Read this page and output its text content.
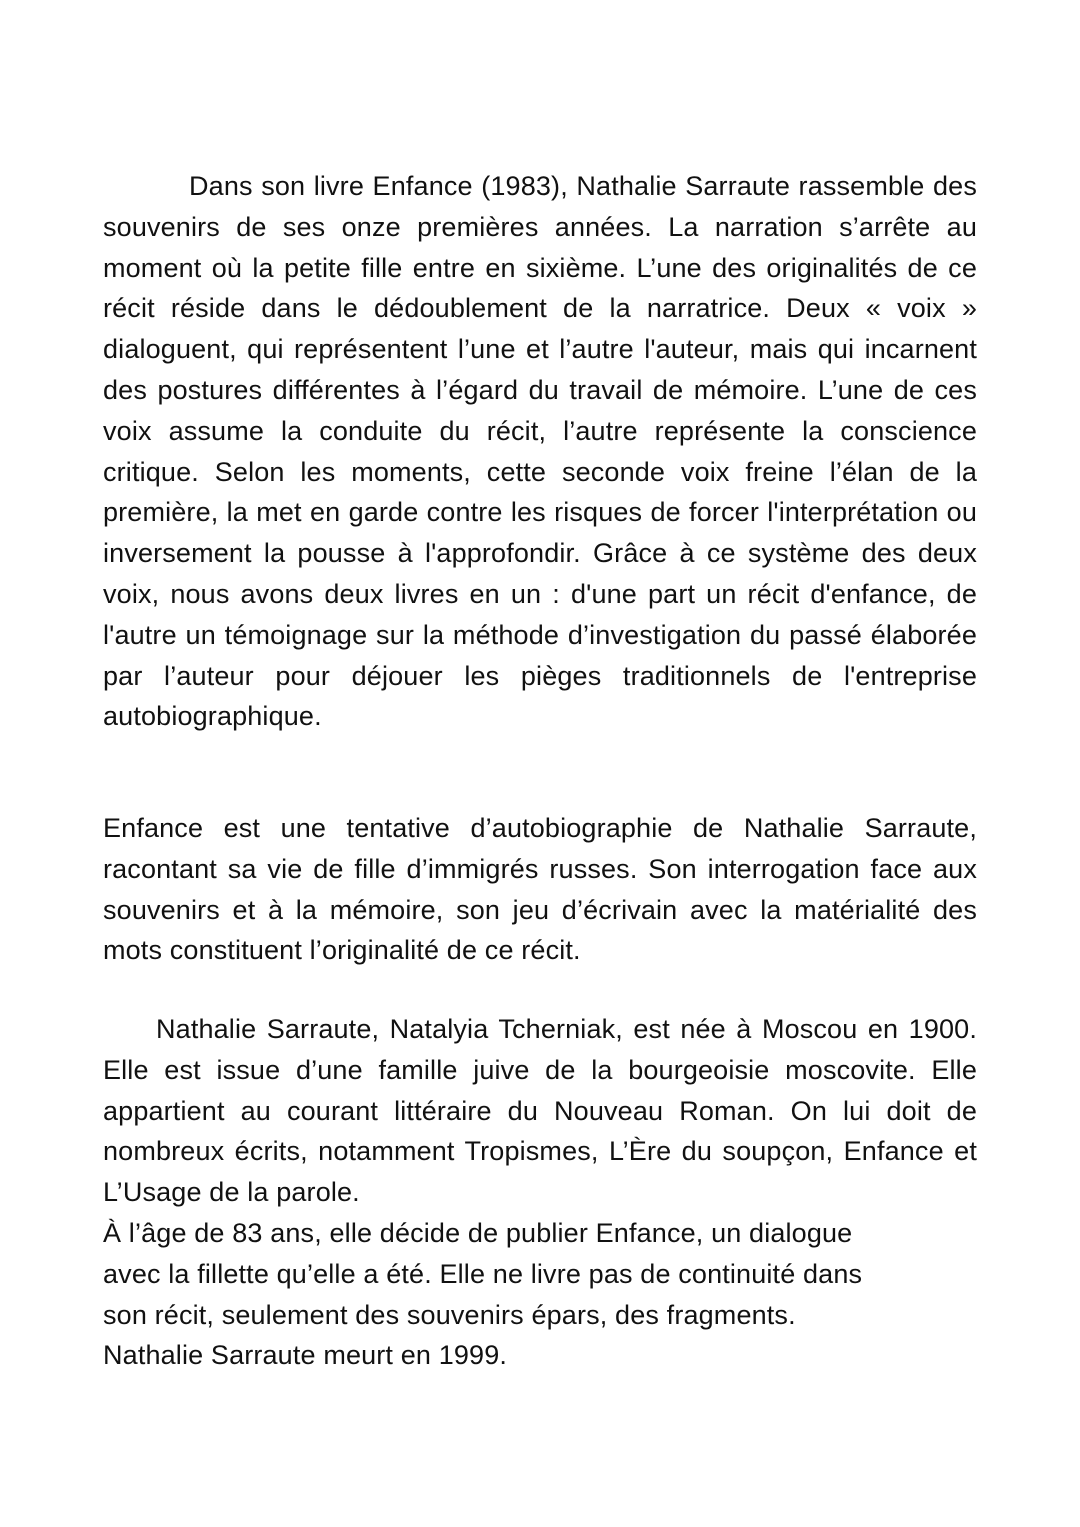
Dans son livre Enfance (1983), Nathalie Sarraute rassemble des souvenirs de ses onze premières années. La narration s’arrête au moment où la petite fille entre en sixième. L’une des originalités de ce récit réside dans le dédoublement de la narratrice. Deux « voix » dialoguent, qui représentent l’une et l’autre l'auteur, mais qui incarnent des postures différentes à l’égard du travail de mémoire. L’une de ces voix assume la conduite du récit, l’autre représente la conscience critique. Selon les moments, cette seconde voix freine l’élan de la première, la met en garde contre les risques de forcer l'interprétation ou inversement la pousse à l'approfondir. Grâce à ce système des deux voix, nous avons deux livres en un : d'une part un récit d'enfance, de l'autre un témoignage sur la méthode d’investigation du passé élaborée par l’auteur pour déjouer les pièges traditionnels de l'entreprise autobiographique.

Enfance est une tentative d’autobiographie de Nathalie Sarraute, racontant sa vie de fille d’immigrés russes. Son interrogation face aux souvenirs et à la mémoire, son jeu d’écrivain avec la matérialité des mots constituent l’originalité de ce récit.

Nathalie Sarraute, Natalyia Tcherniak, est née à Moscou en 1900. Elle est issue d’une famille juive de la bourgeoisie moscovite. Elle appartient au courant littéraire du Nouveau Roman. On lui doit de nombreux écrits, notamment Tropismes, L’Ère du soupçon, Enfance et L’Usage de la parole.

À l’âge de 83 ans, elle décide de publier Enfance, un dialogue
avec la fillette qu’elle a été. Elle ne livre pas de continuité dans
son récit, seulement des souvenirs épars, des fragments.
Nathalie Sarraute meurt en 1999.
